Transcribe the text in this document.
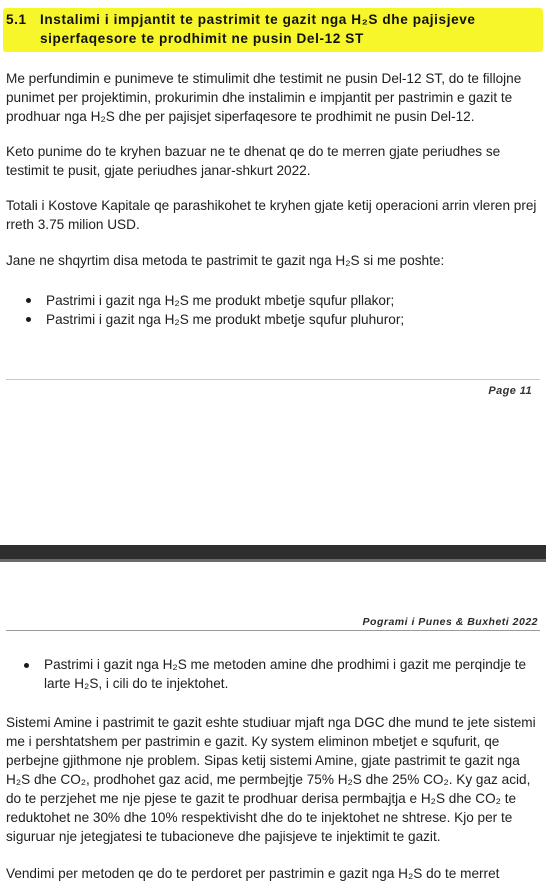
5.1 Instalimi i impjantit te pastrimit te gazit nga H₂S dhe pajisjeve
siperfaqesore te prodhimit ne pusin Del-12 ST

Me perfundimin e punimeve te stimulimit dhe testimit ne pusin Del-12 ST, do te fillojne punimet per projektimin, prokurimin dhe instalimin e impjantit per pastrimin e gazit te prodhuar nga H₂S dhe per pajisjet siperfaqesore te prodhimit ne pusin Del-12.

Keto punime do te kryhen bazuar ne te dhenat qe do te merren gjate periudhes se testimit te pusit, gjate periudhes janar-shkurt 2022.

Totali i Kostove Kapitale qe parashikohet te kryhen gjate ketij operacioni arrin vleren prej rreth 3.75 milion USD.

Jane ne shqyrtim disa metoda te pastrimit te gazit nga H₂S si me poshte:

Pastrimi i gazit nga H₂S me produkt mbetje squfur pllakor;
Pastrimi i gazit nga H₂S me produkt mbetje squfur pluhuror;
Page 11
Pogrami i Punes & Buxheti 2022
Pastrimi i gazit nga H₂S me metoden amine dhe prodhimi i gazit me perqindje te larte H₂S, i cili do te injektohet.

Sistemi Amine i pastrimit te gazit eshte studiuar mjaft nga DGC dhe mund te jete sistemi me i pershtatshem per pastrimin e gazit. Ky system eliminon mbetjet e squfurit, qe perbejne gjithmone nje problem. Sipas ketij sistemi Amine, gjate pastrimit te gazit nga H₂S dhe CO₂, prodhohet gaz acid, me permbejtje 75% H₂S dhe 25% CO₂. Ky gaz acid, do te perzjehet me nje pjese te gazit te prodhuar derisa permbajtja e H₂S dhe CO₂ te reduktohet ne 30% dhe 10% respektivisht dhe do te injektohet ne shtrese. Kjo per te siguruar nje jetegjatesi te tubacioneve dhe pajisjeve te injektimit te gazit.

Vendimi per metoden qe do te perdoret per pastrimin e gazit nga H₂S do te merret
